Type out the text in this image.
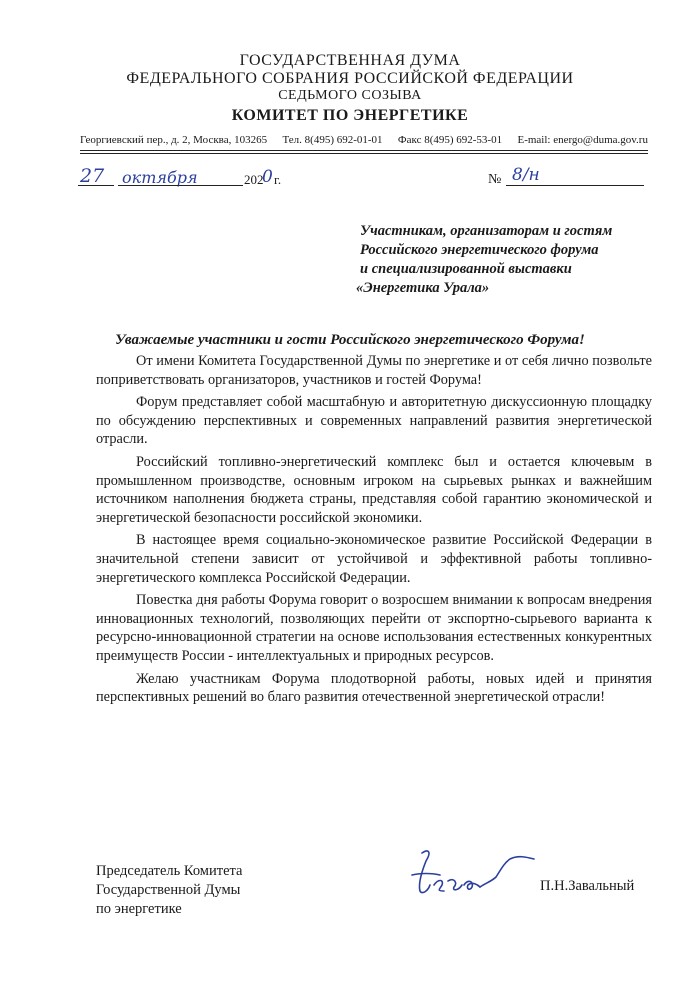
ГОСУДАРСТВЕННАЯ ДУМА
ФЕДЕРАЛЬНОГО СОБРАНИЯ РОССИЙСКОЙ ФЕДЕРАЦИИ
СЕДЬМОГО СОЗЫВА
КОМИТЕТ ПО ЭНЕРГЕТИКЕ
Георгиевский пер., д. 2, Москва, 103265 Тел. 8(495) 692-01-01 Факс 8(495) 692-53-01 E-mail: energo@duma.gov.ru
27 октября	202
0 г.	№ 8/н
Участникам, организаторам и гостям
Российского энергетического форума
и специализированной выставки
«Энергетика Урала»
Уважаемые участники и гости Российского энергетического Форума!

От имени Комитета Государственной Думы по энергетике и от себя лично позвольте поприветствовать организаторов, участников и гостей Форума!

Форум представляет собой масштабную и авторитетную дискуссионную площадку по обсуждению перспективных и современных направлений развития энергетической отрасли.

Российский топливно-энергетический комплекс был и остается ключевым в промышленном производстве, основным игроком на сырьевых рынках и важнейшим источником наполнения бюджета страны, представляя собой гарантию экономической и энергетической безопасности российской экономики.

В настоящее время социально-экономическое развитие Российской Федерации в значительной степени зависит от устойчивой и эффективной работы топливно-энергетического комплекса Российской Федерации.

Повестка дня работы Форума говорит о возросшем внимании к вопросам внедрения инновационных технологий, позволяющих перейти от экспортно-сырьевого варианта к ресурсно-инновационной стратегии на основе использования естественных конкурентных преимуществ России - интеллектуальных и природных ресурсов.

Желаю участникам Форума плодотворной работы, новых идей и принятия перспективных решений во благо развития отечественной энергетической отрасли!

Председатель Комитета
Государственной Думы
по энергетике
П.Н.Завальный
